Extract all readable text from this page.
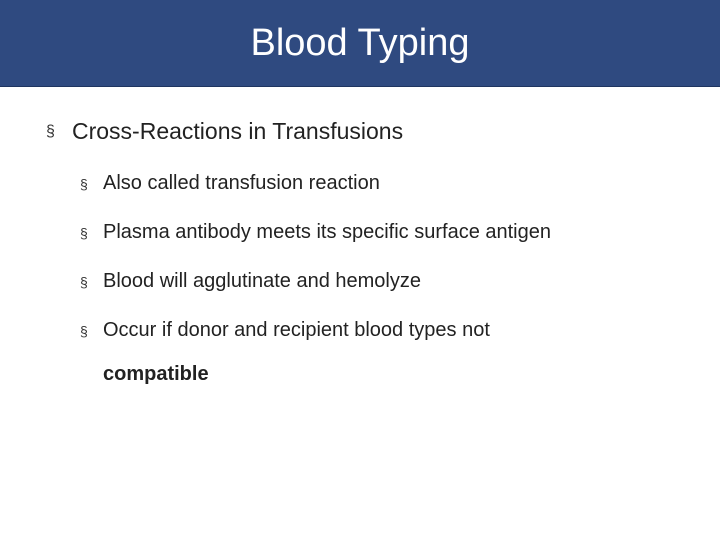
Blood Typing
§ Cross-Reactions in Transfusions
§ Also called transfusion reaction
§ Plasma antibody meets its specific surface antigen
§ Blood will agglutinate and hemolyze
§ Occur if donor and recipient blood types not
compatible
